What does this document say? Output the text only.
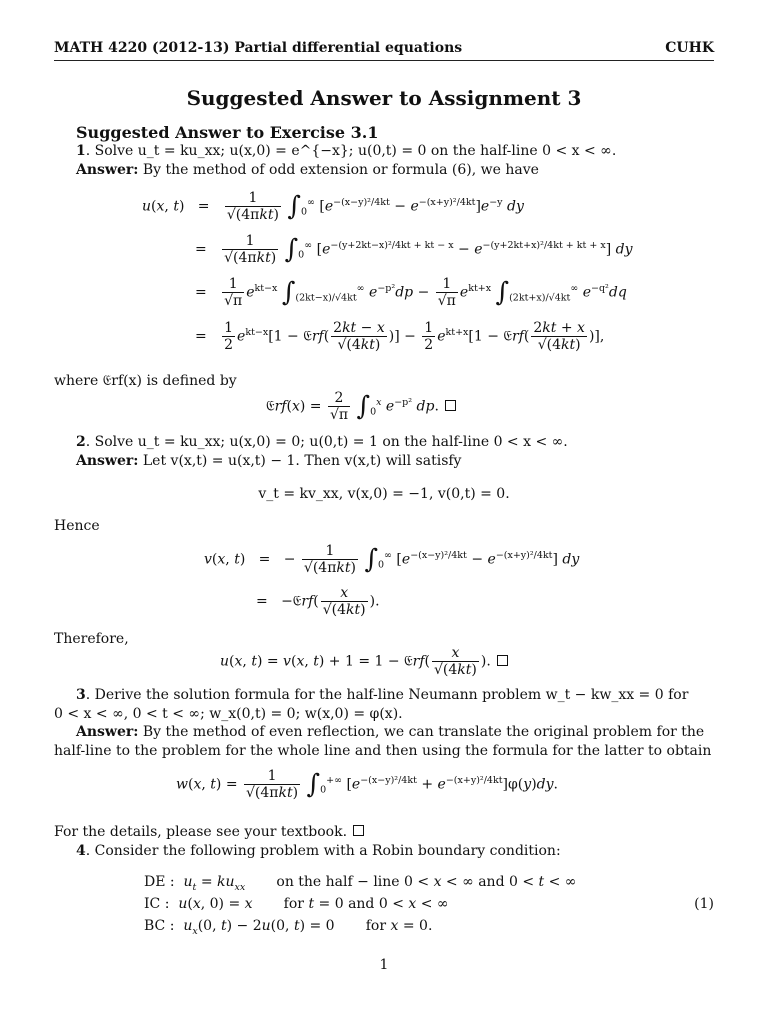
MATH 4220 (2012-13) Partial differential equations	CUHK
Suggested Answer to Assignment 3
Suggested Answer to Exercise 3.1
1. Solve u_t = ku_xx; u(x,0) = e^{−x}; u(0,t) = 0 on the half-line 0 < x < ∞.
Answer: By the method of odd extension or formula (6), we have
u(x, $t) = \frac{1}{\text{√(4πkt)}} \int_0^\infty$ $[e^{-(x-y)^2/4kt} - e^{-(x+y)^2/4kt}]e^{-y}$ dy
= $\frac{1}{\text{√(4πkt)}} \int_0^\infty$ $[e^{-(y+2kt-x)^2/4kt + kt - x} - e^{-(y+2kt+x)^2/4kt + kt + x}]$ dy
= $\frac{1}{√\pi} e^{kt-x}$ $\int_{(2kt-x)/√4kt}^\infty$ $e^{-p^2}dp - \frac{1}{√\pi} e^{kt+x}$ $\int_{(2kt+x)/√4kt}^\infty$ $e^{-q^2}dq$
= $\frac{1}{2} e^{kt-x}[1$ − 𝔈rf( $\frac{2kt - x}{√(4kt)}$ )] − $\frac{1}{2} e^{kt+x}[1$ − 𝔈rf( $\frac{2kt + x}{√(4kt)}$ )],
where 𝔈rf(x) is defined by
𝔈rf(x) = $\frac{2}{√\pi} \int_0^x$ $e^{-p^2}$ dp.
2. Solve u_t = ku_xx; u(x,0) = 0; u(0,t) = 1 on the half-line 0 < x < ∞.
Answer: Let v(x,t) = u(x,t) − 1. Then v(x,t) will satisfy
v_t = kv_xx, v(x,0) = −1, v(0,t) = 0.
Hence
v(x, t)   =   − $\frac{1}{\text{√(4πkt)}} \int_0^\infty$ $[e^{-(x-y)^2/4kt} - e^{-(x+y)^2/4kt}]$ dy
=   −𝔈rf( $\frac{x}{√(4kt)}$ ).
Therefore,
u(x, t) = v(x, t) + 1 = 1 − 𝔈rf( $\frac{x}{√(4kt)}$ ).
3. Derive the solution formula for the half-line Neumann problem w_t − kw_xx = 0 for
0 < x < ∞, 0 < t < ∞; w_x(0,t) = 0; w(x,0) = φ(x).
Answer: By the method of even reflection, we can translate the original problem for the
half-line to the problem for the whole line and then using the formula for the latter to obtain
w(x, $t) = \frac{1}{\text{√(4πkt)}} \int_0^{+\infty}$ $[e^{-(x-y)^2/4kt} + e^{-(x+y)^2/4kt}]\varphi(y)dy$.
For the details, please see your textbook.
4. Consider the following problem with a Robin boundary condition:
DE :  $u_t = ku_{xx}$       on the half − line 0 < x < ∞ and 0 < t < ∞
IC :  u(x, 0) = x       for t = 0 and 0 < x < ∞	(1)
BC :  $u_x(0$, t) − 2u(0, t) = 0       for x = 0.
1
